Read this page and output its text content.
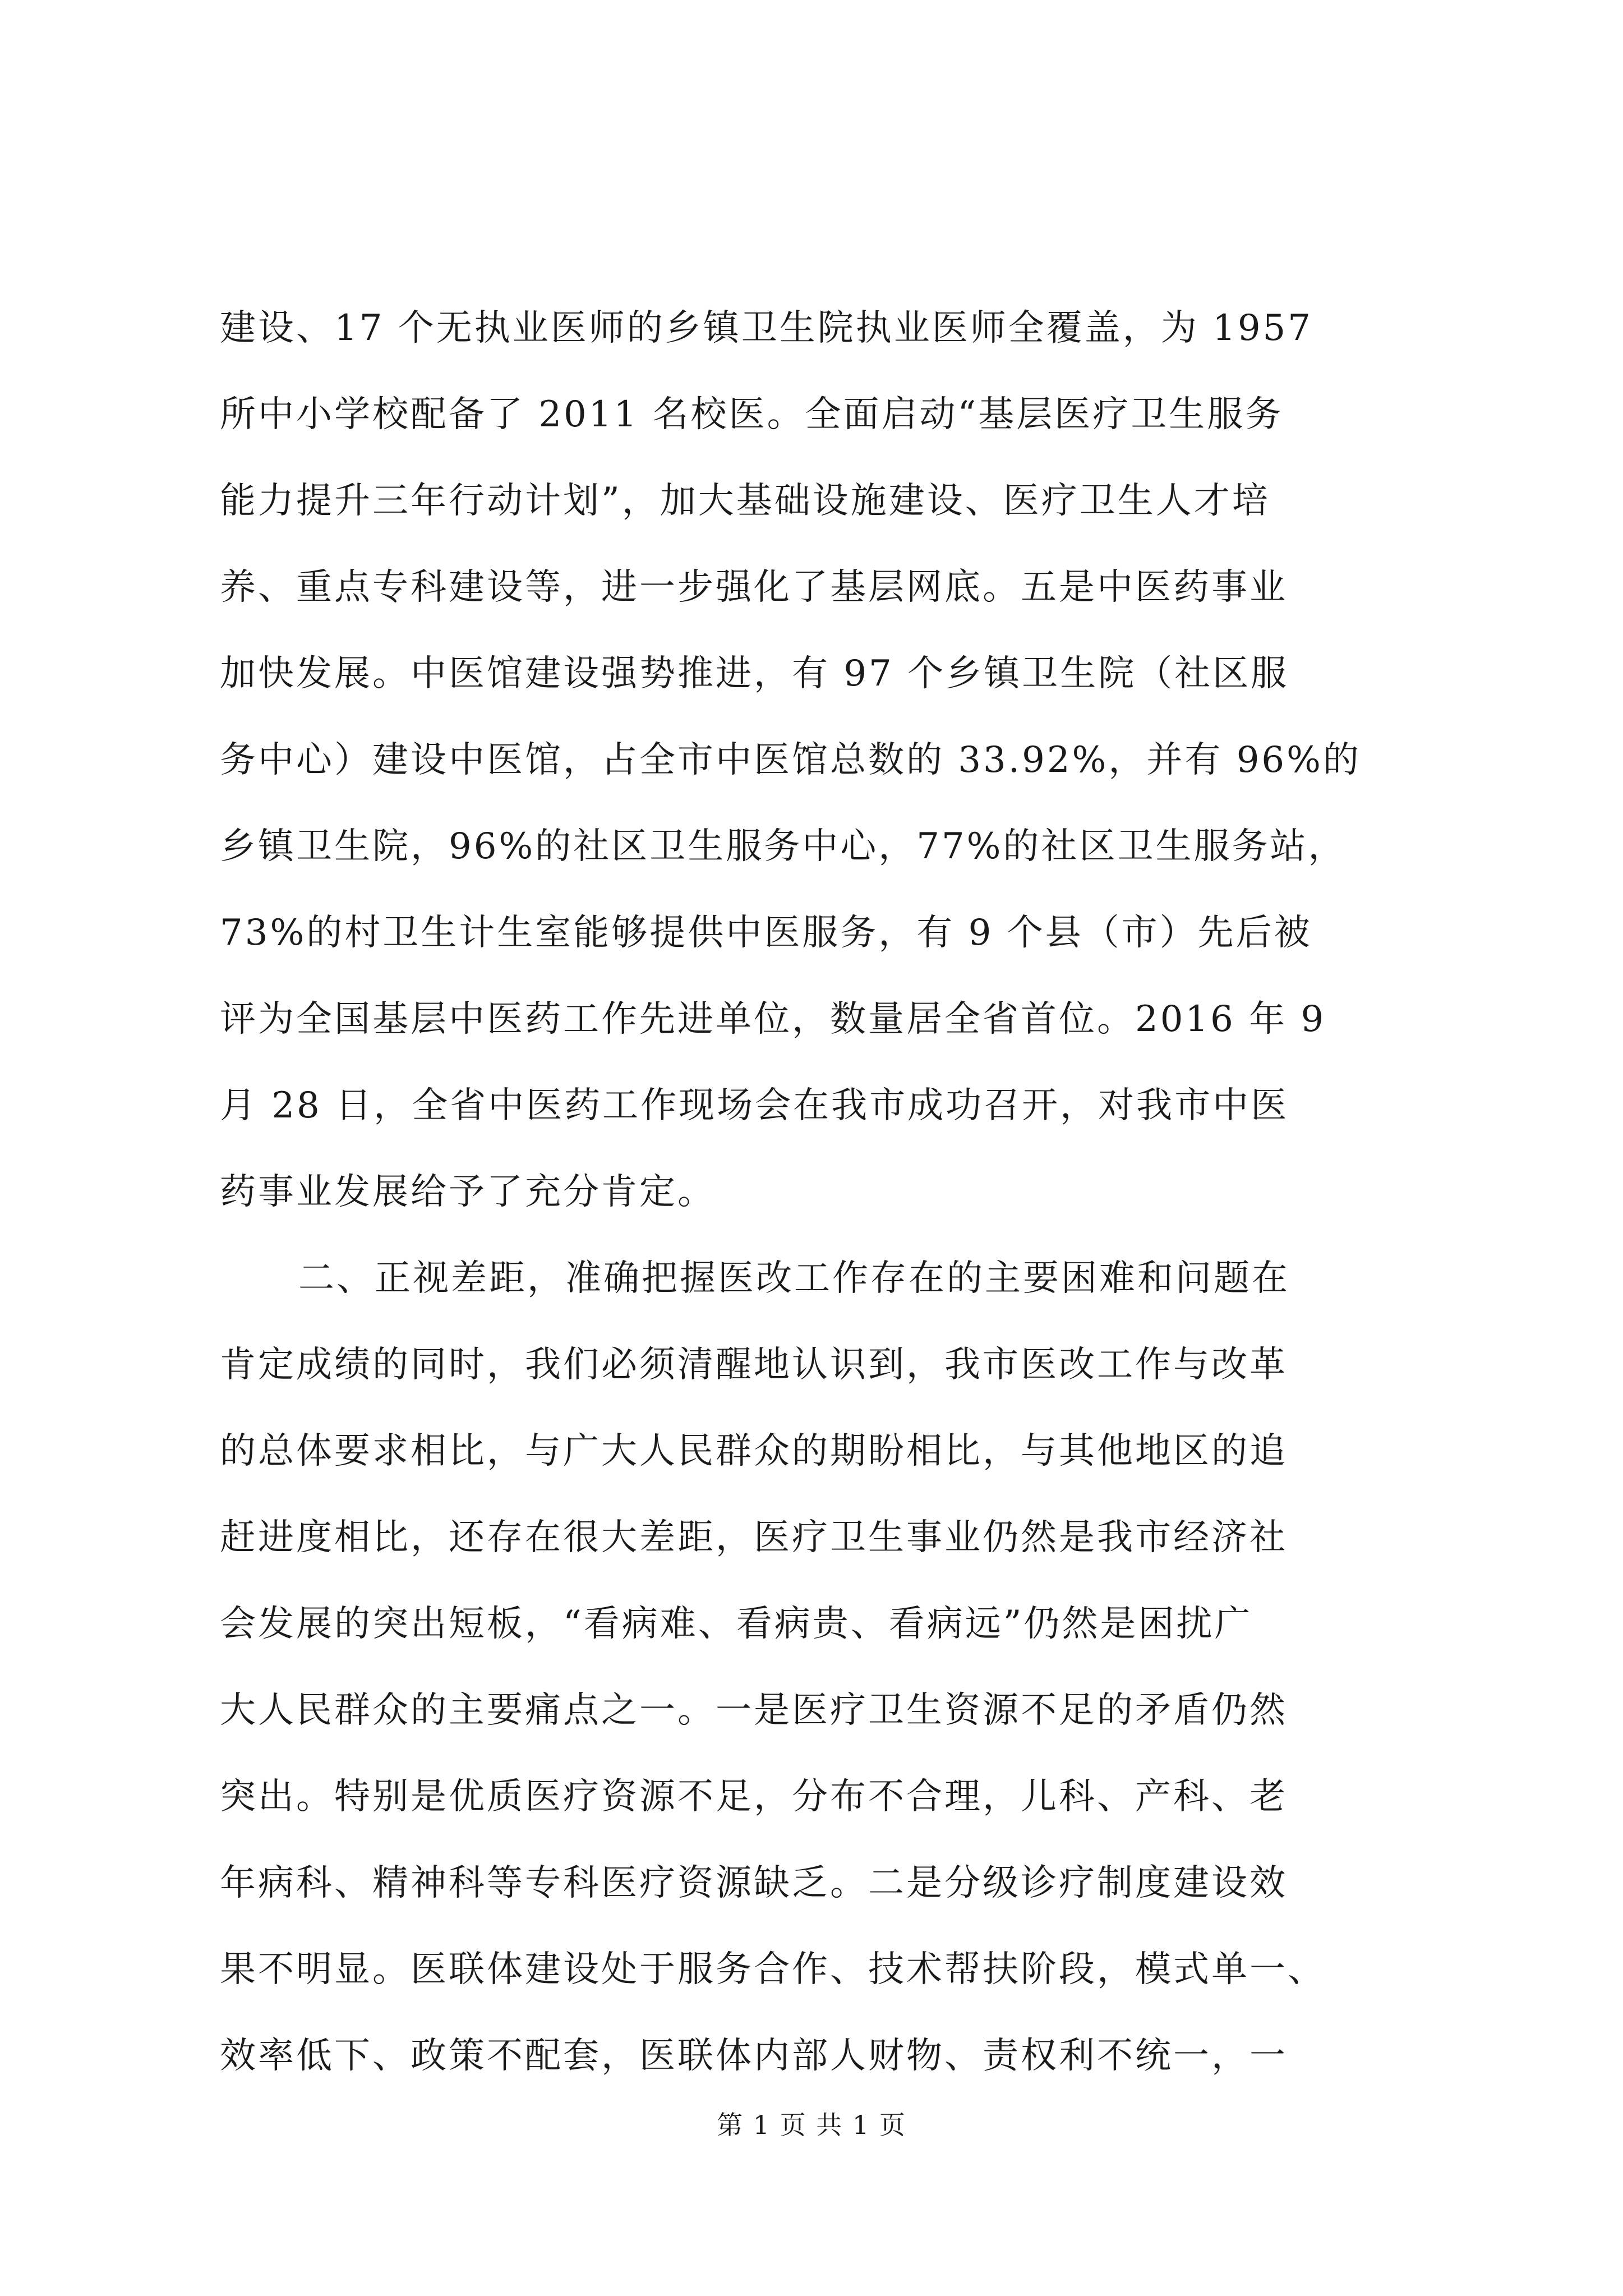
建设、17 个无执业医师的乡镇卫生院执业医师全覆盖，为 1957
所中小学校配备了 2011 名校医。全面启动“基层医疗卫生服务
能力提升三年行动计划”，加大基础设施建设、医疗卫生人才培
养、重点专科建设等，进一步强化了基层网底。五是中医药事业
加快发展。中医馆建设强势推进，有 97 个乡镇卫生院（社区服
务中心）建设中医馆，占全市中医馆总数的 33.92%，并有 96%的
乡镇卫生院，96%的社区卫生服务中心，77%的社区卫生服务站，
73%的村卫生计生室能够提供中医服务，有 9 个县（市）先后被
评为全国基层中医药工作先进单位，数量居全省首位。2016 年 9
月 28 日，全省中医药工作现场会在我市成功召开，对我市中医
药事业发展给予了充分肯定。
二、正视差距，准确把握医改工作存在的主要困难和问题在
肯定成绩的同时，我们必须清醒地认识到，我市医改工作与改革
的总体要求相比，与广大人民群众的期盼相比，与其他地区的追
赶进度相比，还存在很大差距，医疗卫生事业仍然是我市经济社
会发展的突出短板，“看病难、看病贵、看病远”仍然是困扰广
大人民群众的主要痛点之一。一是医疗卫生资源不足的矛盾仍然
突出。特别是优质医疗资源不足，分布不合理，儿科、产科、老
年病科、精神科等专科医疗资源缺乏。二是分级诊疗制度建设效
果不明显。医联体建设处于服务合作、技术帮扶阶段，模式单一、
效率低下、政策不配套，医联体内部人财物、责权利不统一，一
第 1 页 共 1 页
